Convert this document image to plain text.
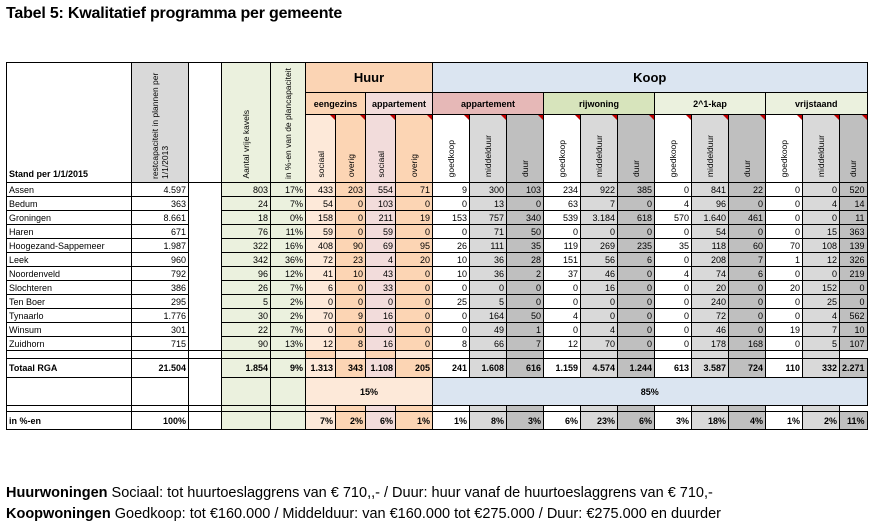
Tabel 5: Kwalitatief programma per gemeente
Stand per 1/1/2015	restcapaciteit in plannen per 1/1/2013		Aantal vrije kavels	in %-en van de plancapaciteit	Huur				Koop											
					eengezins		appartement		appartement			rijwoning			2^1-kap			vrijstaand		
					sociaal	overig	sociaal	overig	goedkoop	middelduur	duur	goedkoop	middelduur	duur	goedkoop	middelduur	duur	goedkoop	middelduur	duur
Assen	4.597		803	17%	433	203	554	71	9	300	103	234	922	385	0	841	22	0	0	520
Bedum	363		24	7%	54	0	103	0	0	13	0	63	7	0	4	96	0	0	4	14
Groningen	8.661		18	0%	158	0	211	19	153	757	340	539	3.184	618	570	1.640	461	0	0	11
Haren	671		76	11%	59	0	59	0	0	71	50	0	0	0	0	54	0	0	15	363
Hoogezand-Sappemeer	1.987		322	16%	408	90	69	95	26	111	35	119	269	235	35	118	60	70	108	139
Leek	960		342	36%	72	23	4	20	10	36	28	151	56	6	0	208	7	1	12	326
Noordenveld	792		96	12%	41	10	43	0	10	36	2	37	46	0	4	74	6	0	0	219
Slochteren	386		26	7%	6	0	33	0	0	0	0	0	16	0	0	20	0	20	152	0
Ten Boer	295		5	2%	0	0	0	0	25	5	0	0	0	0	0	240	0	0	25	0
Tynaarlo	1.776		30	2%	70	9	16	0	0	164	50	4	0	0	0	72	0	0	4	562
Winsum	301		22	7%	0	0	0	0	0	49	1	0	4	0	0	46	0	19	7	10
Zuidhorn	715		90	13%	12	8	16	0	8	66	7	12	70	0	0	178	168	0	5	107

Totaal RGA	21.504		1.854	9%	1.313	343	1.108	205	241	1.608	616	1.159	4.574	1.244	613	3.587	724	110	332	2.271
					15%				85%											

in %-en	100%				7%	2%	6%	1%	1%	8%	3%	6%	23%	6%	3%	18%	4%	1%	2%	11%
Huurwoningen Sociaal: tot huurtoeslaggrens van € 710,,- / Duur: huur vanaf de huurtoeslaggrens van € 710,-
Koopwoningen Goedkoop: tot €160.000 / Middelduur: van €160.000 tot €275.000 / Duur: €275.000 en duurder
